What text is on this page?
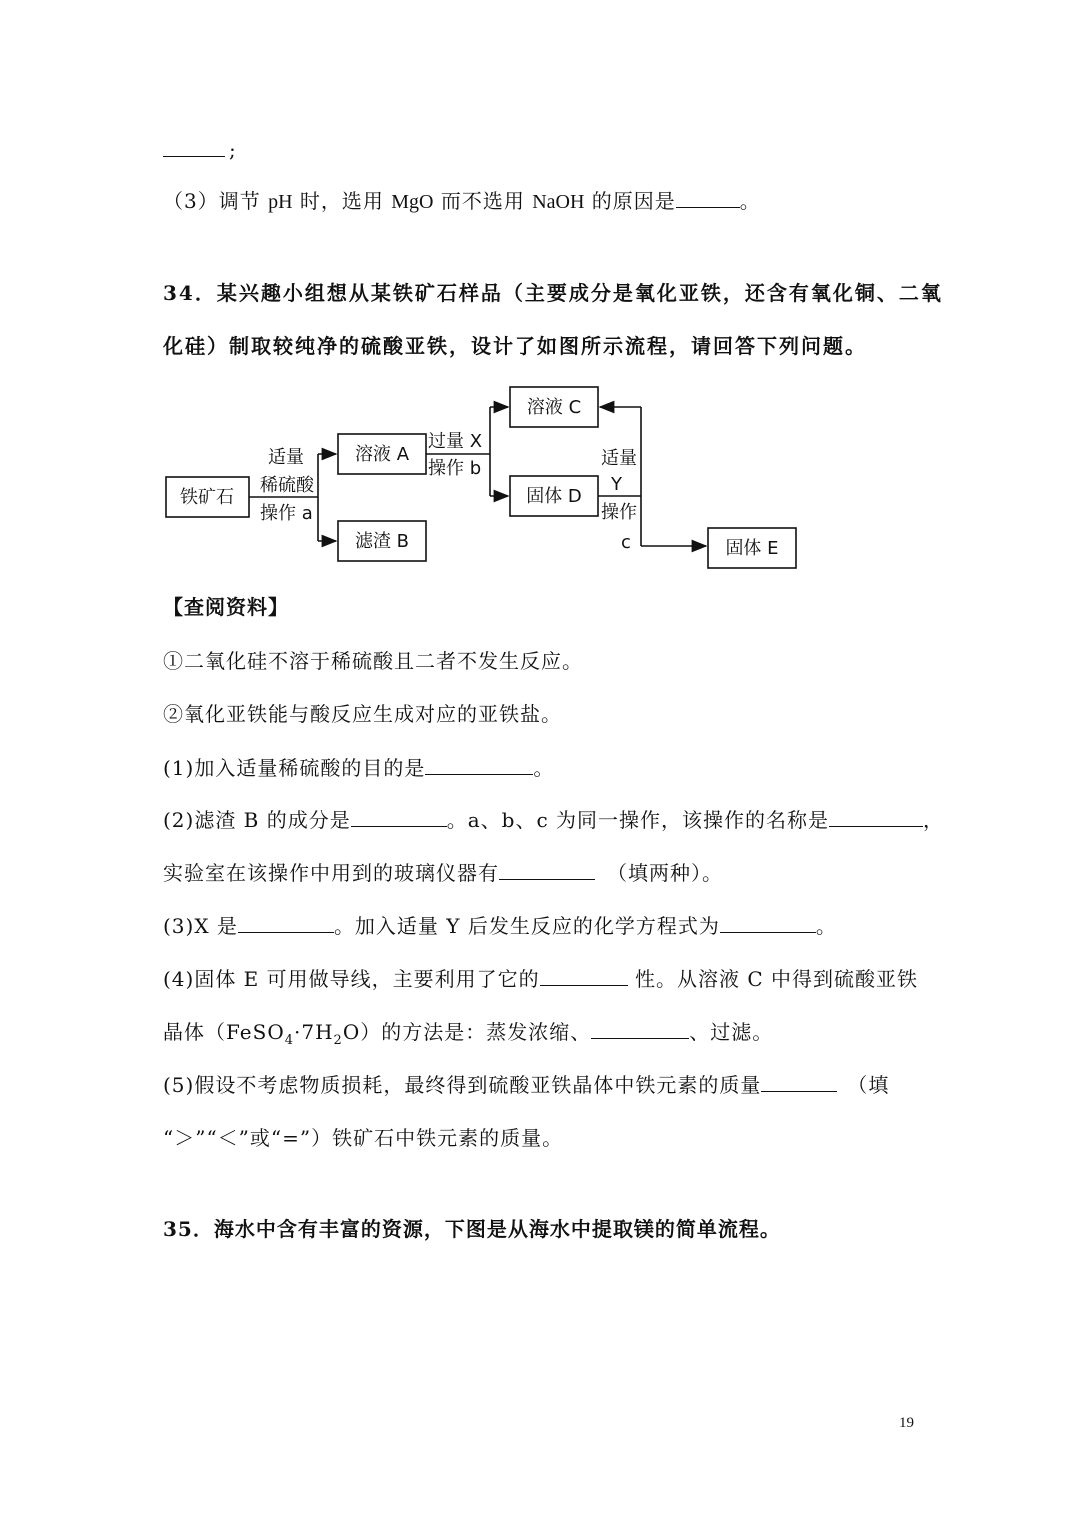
;
（3）调节 pH 时，选用 MgO 而不选用 NaOH 的原因是	。
34．某兴趣小组想从某铁矿石样品（主要成分是氧化亚铁，还含有氧化铜、二氧
化硅）制取较纯净的硫酸亚铁，设计了如图所示流程，请回答下列问题。
铁矿石
溶液 A
滤渣 B
溶液 C
固体 D
固体 E
适量
稀硫酸
操作 a
过量 X
操作 b	适量
Y
操作
c
【查阅资料】
①二氧化硅不溶于稀硫酸且二者不发生反应。
②氧化亚铁能与酸反应生成对应的亚铁盐。
(1)加入适量稀硫酸的目的是	。
(2)滤渣 B 的成分是	。a、b、c 为同一操作，该操作的名称是	，
实验室在该操作中用到的玻璃仪器有	（填两种）。
(3)X 是	。加入适量 Y 后发生反应的化学方程式为	。
(4)固体 E 可用做导线，主要利用了它的	性。从溶液 C 中得到硫酸亚铁
晶体$(FeSO_4\cdot 7H_2O)$的方法是：蒸发浓缩、	、过滤。
(5)假设不考虑物质损耗，最终得到硫酸亚铁晶体中铁元素的质量	（填
“＞”“＜”或“=”）铁矿石中铁元素的质量。
35．海水中含有丰富的资源，下图是从海水中提取镁的简单流程。
19
